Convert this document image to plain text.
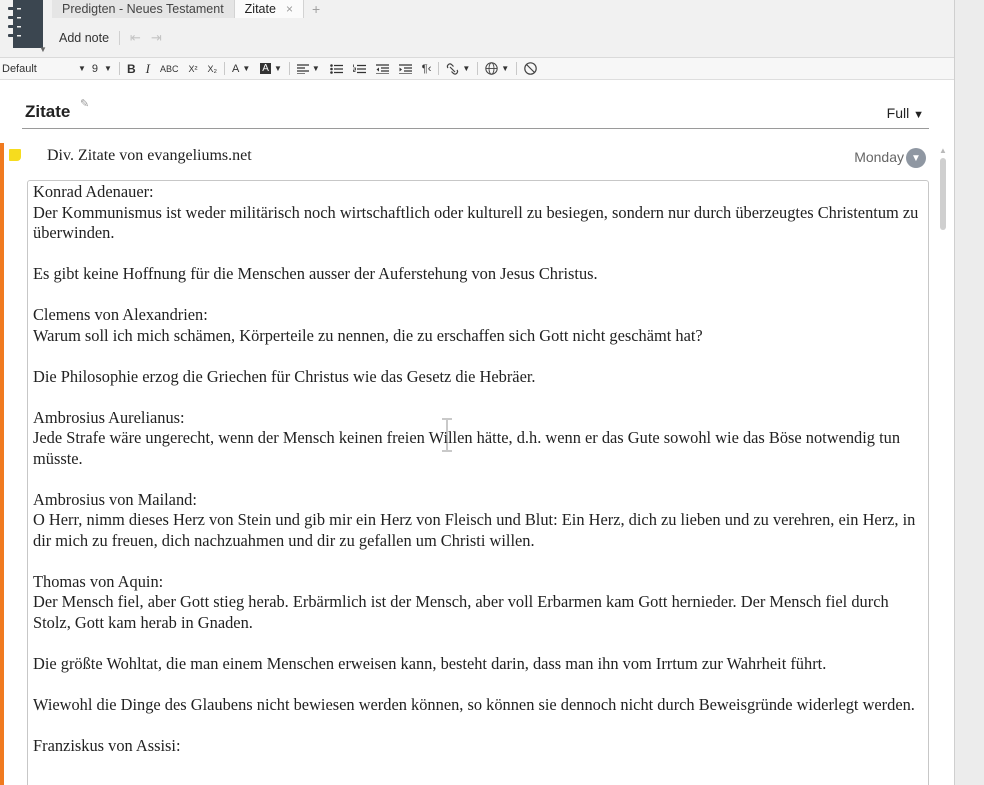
▼
Predigten - Neues Testament Zitate ×	+
Add note ⇤ ⇥
Default	▼ 9 ▼	B I	ABC	X²	X₂	A ▼ A ▼	▼	¶‹	▼	▼
Zitate ✎
Full ▼
Div. Zitate von evangeliums.net	Monday ▼
Konrad Adenauer:
Der Kommunismus ist weder militärisch noch wirtschaftlich oder kulturell zu besiegen, sondern nur durch überzeugtes Christentum zu überwinden.
Es gibt keine Hoffnung für die Menschen ausser der Auferstehung von Jesus Christus.
Clemens von Alexandrien:
Warum soll ich mich schämen, Körperteile zu nennen, die zu erschaffen sich Gott nicht geschämt hat?
Die Philosophie erzog die Griechen für Christus wie das Gesetz die Hebräer.
Ambrosius Aurelianus:
Jede Strafe wäre ungerecht, wenn der Mensch keinen freien Willen hätte, d.h. wenn er das Gute sowohl wie das Böse notwendig tun müsste.
Ambrosius von Mailand:
O Herr, nimm dieses Herz von Stein und gib mir ein Herz von Fleisch und Blut: Ein Herz, dich zu lieben und zu verehren, ein Herz, in dir mich zu freuen, dich nachzuahmen und dir zu gefallen um Christi willen.
Thomas von Aquin:
Der Mensch fiel, aber Gott stieg herab. Erbärmlich ist der Mensch, aber voll Erbarmen kam Gott hernieder. Der Mensch fiel durch Stolz, Gott kam herab in Gnaden.
Die größte Wohltat, die man einem Menschen erweisen kann, besteht darin, dass man ihn vom Irrtum zur Wahrheit führt.
Wiewohl die Dinge des Glaubens nicht bewiesen werden können, so können sie dennoch nicht durch Beweisgründe widerlegt werden.
Franziskus von Assisi:
▲
